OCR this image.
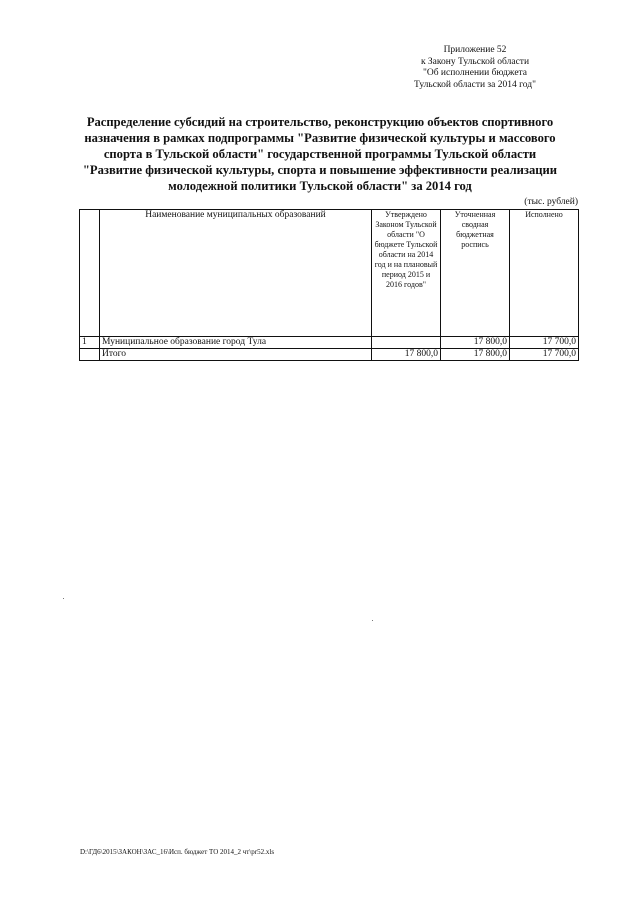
Приложение 52
к Закону Тульской области
"Об исполнении бюджета
Тульской области за 2014 год"
Распределение субсидий на строительство, реконструкцию объектов спортивного
назначения в рамках подпрограммы "Развитие физической культуры и массового
спорта в Тульской области" государственной программы Тульской области
"Развитие физической культуры, спорта и повышение эффективности реализации
молодежной политики Тульской области" за 2014 год
(тыс. рублей)
	Наименование муниципальных образований	Утверждено Законом Тульской области "О бюджете Тульской области на 2014 год и на плановый период 2015 и 2016 годов"	Уточненная сводная бюджетная роспись	Исполнено
1	Муниципальное образование город Тула		17 800,0	17 700,0
	Итого	17 800,0	17 800,0	17 700,0
D:\ГД6\2015\ЗАКОН\ЗАС_16\Исп. бюджет ТО 2014_2 чт\pr52.xls
